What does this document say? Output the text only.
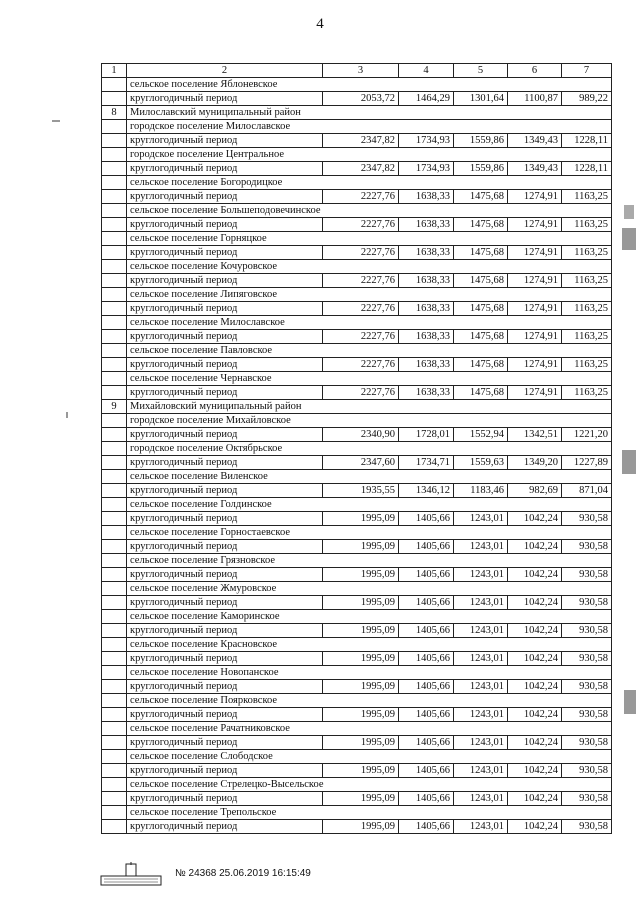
4
1	2	3	4	5	6	7
	сельское поселение Яблоневское					
	круглогодичный период	2053,72	1464,29	1301,64	1100,87	989,22
8	Милославский муниципальный район					
	городское поселение Милославское					
	круглогодичный период	2347,82	1734,93	1559,86	1349,43	1228,11
	городское поселение Центральное					
	круглогодичный период	2347,82	1734,93	1559,86	1349,43	1228,11
	сельское поселение Богородицкое					
	круглогодичный период	2227,76	1638,33	1475,68	1274,91	1163,25
	сельское поселение Большеподовечинское					
	круглогодичный период	2227,76	1638,33	1475,68	1274,91	1163,25
	сельское поселение Горняцкое					
	круглогодичный период	2227,76	1638,33	1475,68	1274,91	1163,25
	сельское поселение Кочуровское					
	круглогодичный период	2227,76	1638,33	1475,68	1274,91	1163,25
	сельское поселение Липяговское					
	круглогодичный период	2227,76	1638,33	1475,68	1274,91	1163,25
	сельское поселение Милославское					
	круглогодичный период	2227,76	1638,33	1475,68	1274,91	1163,25
	сельское поселение Павловское					
	круглогодичный период	2227,76	1638,33	1475,68	1274,91	1163,25
	сельское поселение Чернавское					
	круглогодичный период	2227,76	1638,33	1475,68	1274,91	1163,25
9	Михайловский муниципальный район					
	городское поселение Михайловское					
	круглогодичный период	2340,90	1728,01	1552,94	1342,51	1221,20
	городское поселение Октябрьское					
	круглогодичный период	2347,60	1734,71	1559,63	1349,20	1227,89
	сельское поселение Виленское					
	круглогодичный период	1935,55	1346,12	1183,46	982,69	871,04
	сельское поселение Голдинское					
	круглогодичный период	1995,09	1405,66	1243,01	1042,24	930,58
	сельское поселение Горностаевское					
	круглогодичный период	1995,09	1405,66	1243,01	1042,24	930,58
	сельское поселение Грязновское					
	круглогодичный период	1995,09	1405,66	1243,01	1042,24	930,58
	сельское поселение Жмуровское					
	круглогодичный период	1995,09	1405,66	1243,01	1042,24	930,58
	сельское поселение Каморинское					
	круглогодичный период	1995,09	1405,66	1243,01	1042,24	930,58
	сельское поселение Красновское					
	круглогодичный период	1995,09	1405,66	1243,01	1042,24	930,58
	сельское поселение Новопанское					
	круглогодичный период	1995,09	1405,66	1243,01	1042,24	930,58
	сельское поселение Поярковское					
	круглогодичный период	1995,09	1405,66	1243,01	1042,24	930,58
	сельское поселение Рачатниковское					
	круглогодичный период	1995,09	1405,66	1243,01	1042,24	930,58
	сельское поселение Слободское					
	круглогодичный период	1995,09	1405,66	1243,01	1042,24	930,58
	сельское поселение Стрелецко-Высельское					
	круглогодичный период	1995,09	1405,66	1243,01	1042,24	930,58
	сельское поселение Трепольское					
	круглогодичный период	1995,09	1405,66	1243,01	1042,24	930,58
№ 24368 25.06.2019 16:15:49
